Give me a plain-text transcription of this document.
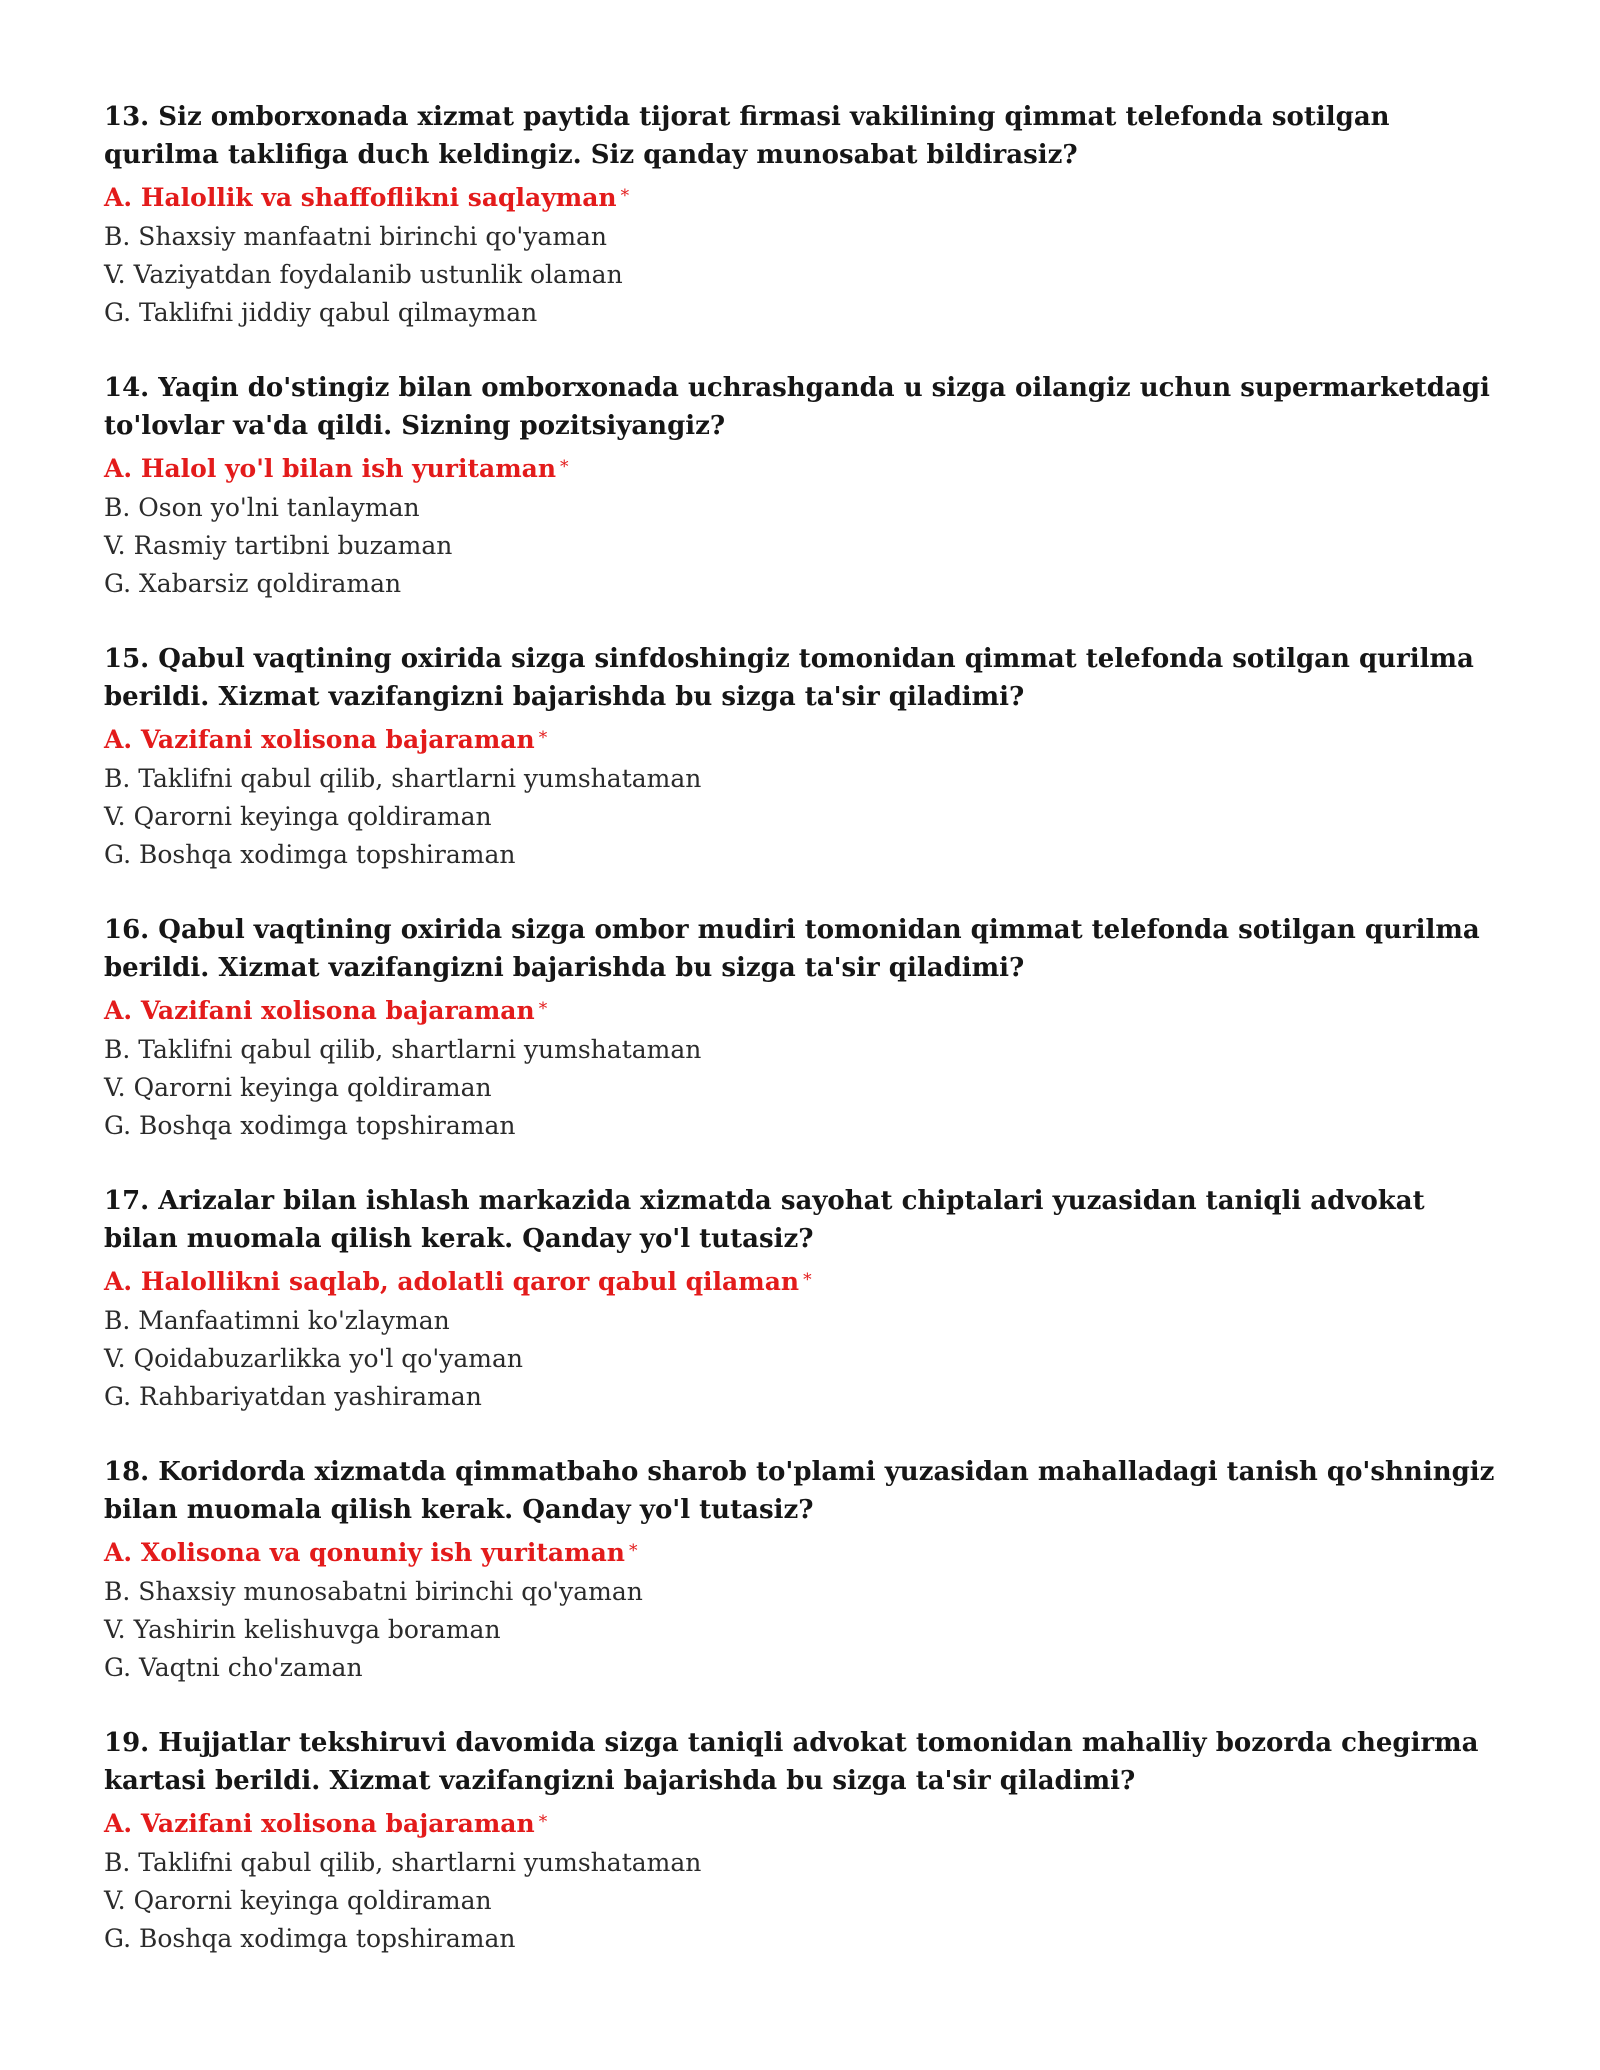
13. Siz omborxonada xizmat paytida tijorat firmasi vakilining qimmat telefonda sotilgan qurilma taklifiga duch keldingiz. Siz qanday munosabat bildirasiz?

A. Halollik va shaffoflikni saqlayman *

B. Shaxsiy manfaatni birinchi qo'yaman

V. Vaziyatdan foydalanib ustunlik olaman

G. Taklifni jiddiy qabul qilmayman

14. Yaqin do'stingiz bilan omborxonada uchrashganda u sizga oilangiz uchun supermarketdagi to'lovlar va'da qildi. Sizning pozitsiyangiz?

A. Halol yo'l bilan ish yuritaman *

B. Oson yo'lni tanlayman

V. Rasmiy tartibni buzaman

G. Xabarsiz qoldiraman

15. Qabul vaqtining oxirida sizga sinfdoshingiz tomonidan qimmat telefonda sotilgan qurilma berildi. Xizmat vazifangizni bajarishda bu sizga ta'sir qiladimi?

A. Vazifani xolisona bajaraman *

B. Taklifni qabul qilib, shartlarni yumshataman

V. Qarorni keyinga qoldiraman

G. Boshqa xodimga topshiraman

16. Qabul vaqtining oxirida sizga ombor mudiri tomonidan qimmat telefonda sotilgan qurilma berildi. Xizmat vazifangizni bajarishda bu sizga ta'sir qiladimi?

A. Vazifani xolisona bajaraman *

B. Taklifni qabul qilib, shartlarni yumshataman

V. Qarorni keyinga qoldiraman

G. Boshqa xodimga topshiraman

17. Arizalar bilan ishlash markazida xizmatda sayohat chiptalari yuzasidan taniqli advokat bilan muomala qilish kerak. Qanday yo'l tutasiz?

A. Halollikni saqlab, adolatli qaror qabul qilaman *

B. Manfaatimni ko'zlayman

V. Qoidabuzarlikka yo'l qo'yaman

G. Rahbariyatdan yashiraman

18. Koridorda xizmatda qimmatbaho sharob to'plami yuzasidan mahalladagi tanish qo'shningiz bilan muomala qilish kerak. Qanday yo'l tutasiz?

A. Xolisona va qonuniy ish yuritaman *

B. Shaxsiy munosabatni birinchi qo'yaman

V. Yashirin kelishuvga boraman

G. Vaqtni cho'zaman

19. Hujjatlar tekshiruvi davomida sizga taniqli advokat tomonidan mahalliy bozorda chegirma kartasi berildi. Xizmat vazifangizni bajarishda bu sizga ta'sir qiladimi?

A. Vazifani xolisona bajaraman *

B. Taklifni qabul qilib, shartlarni yumshataman

V. Qarorni keyinga qoldiraman

G. Boshqa xodimga topshiraman
